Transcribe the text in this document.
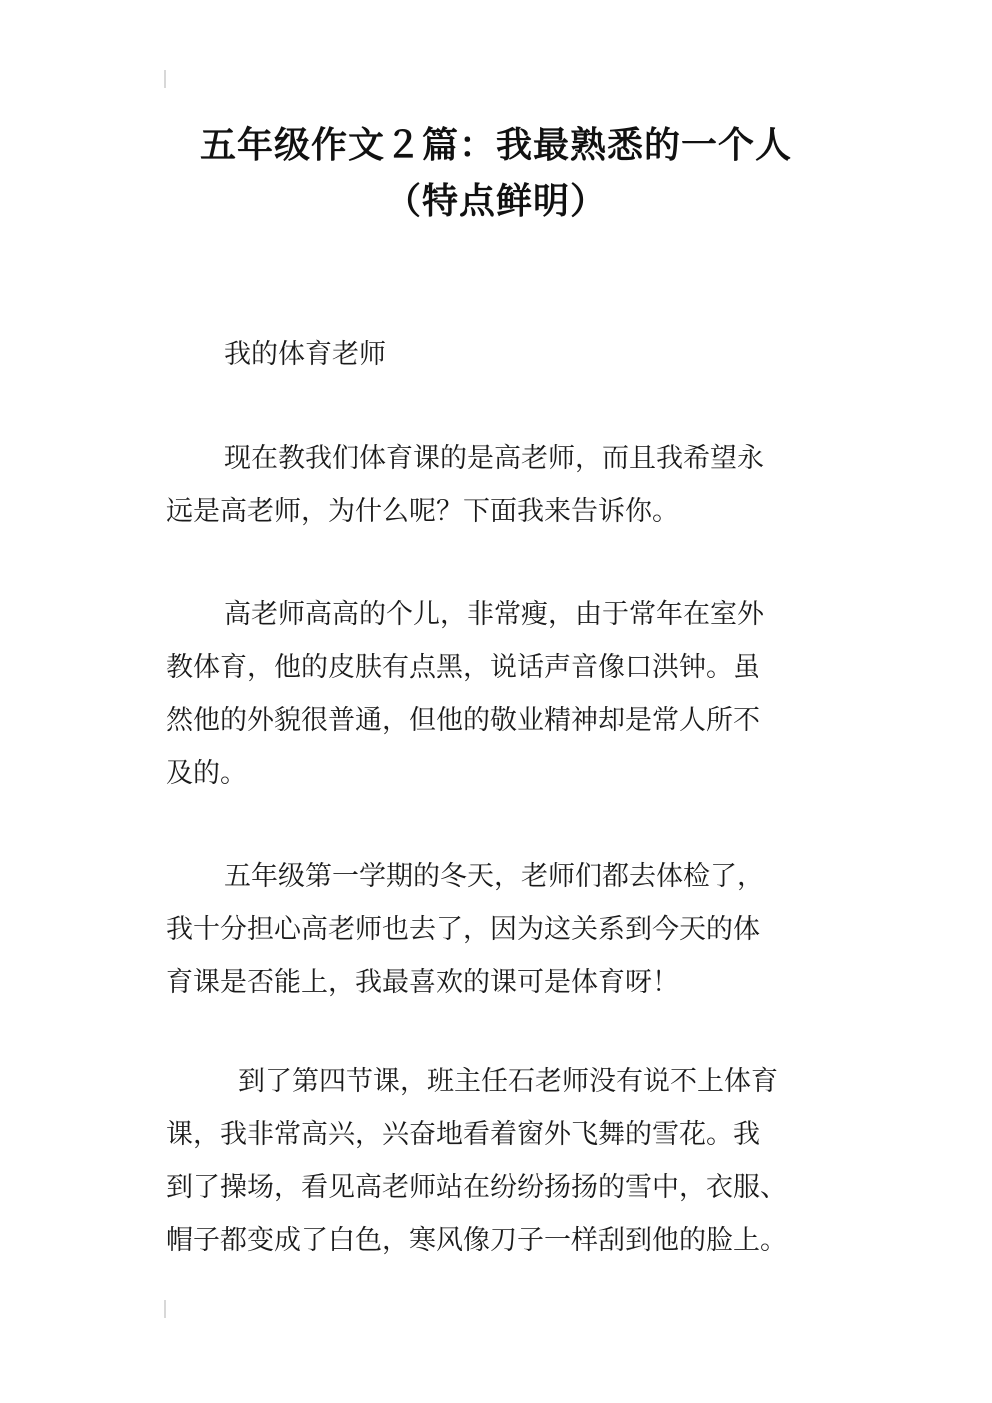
五年级作文２篇：我最熟悉的一个人
（特点鲜明）

我的体育老师

现在教我们体育课的是高老师，而且我希望永
远是高老师，为什么呢？下面我来告诉你。

高老师高高的个儿，非常瘦，由于常年在室外
教体育，他的皮肤有点黑，说话声音像口洪钟。虽
然他的外貌很普通，但他的敬业精神却是常人所不
及的。

五年级第一学期的冬天，老师们都去体检了，
我十分担心高老师也去了，因为这关系到今天的体
育课是否能上，我最喜欢的课可是体育呀！

到了第四节课，班主任石老师没有说不上体育
课，我非常高兴，兴奋地看着窗外飞舞的雪花。我
到了操场，看见高老师站在纷纷扬扬的雪中，衣服、
帽子都变成了白色，寒风像刀子一样刮到他的脸上。
